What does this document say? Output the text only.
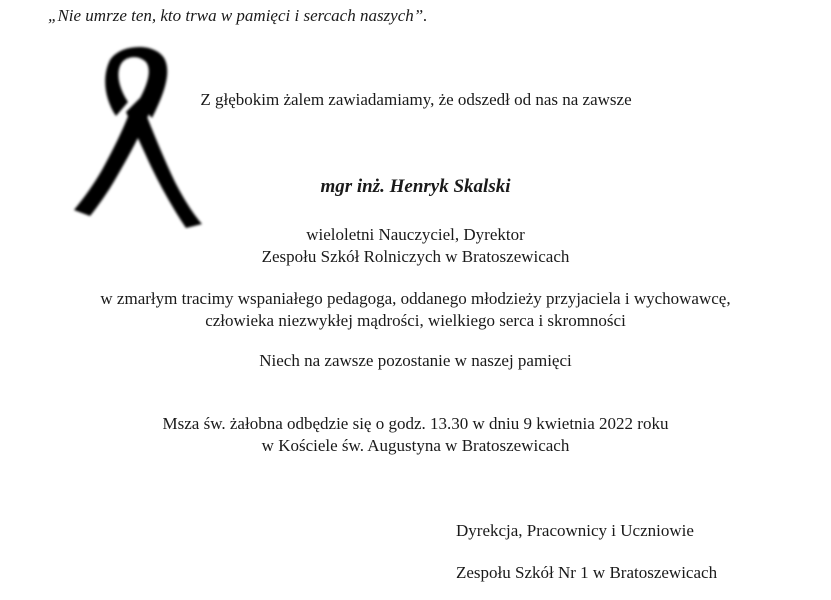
„Nie umrze ten, kto trwa w pamięci i sercach naszych”.
Z głębokim żalem zawiadamiamy, że odszedł od nas na zawsze
mgr inż. Henryk Skalski
wieloletni Nauczyciel, Dyrektor
Zespołu Szkół Rolniczych w Bratoszewicach
w zmarłym tracimy wspaniałego pedagoga, oddanego młodzieży przyjaciela i wychowawcę,
człowieka niezwykłej mądrości, wielkiego serca i skromności
Niech na zawsze pozostanie w naszej pamięci
Msza św. żałobna odbędzie się o godz. 13.30 w dniu 9 kwietnia 2022 roku
w Kościele św. Augustyna w Bratoszewicach
Dyrekcja, Pracownicy i Uczniowie
Zespołu Szkół Nr 1 w Bratoszewicach
